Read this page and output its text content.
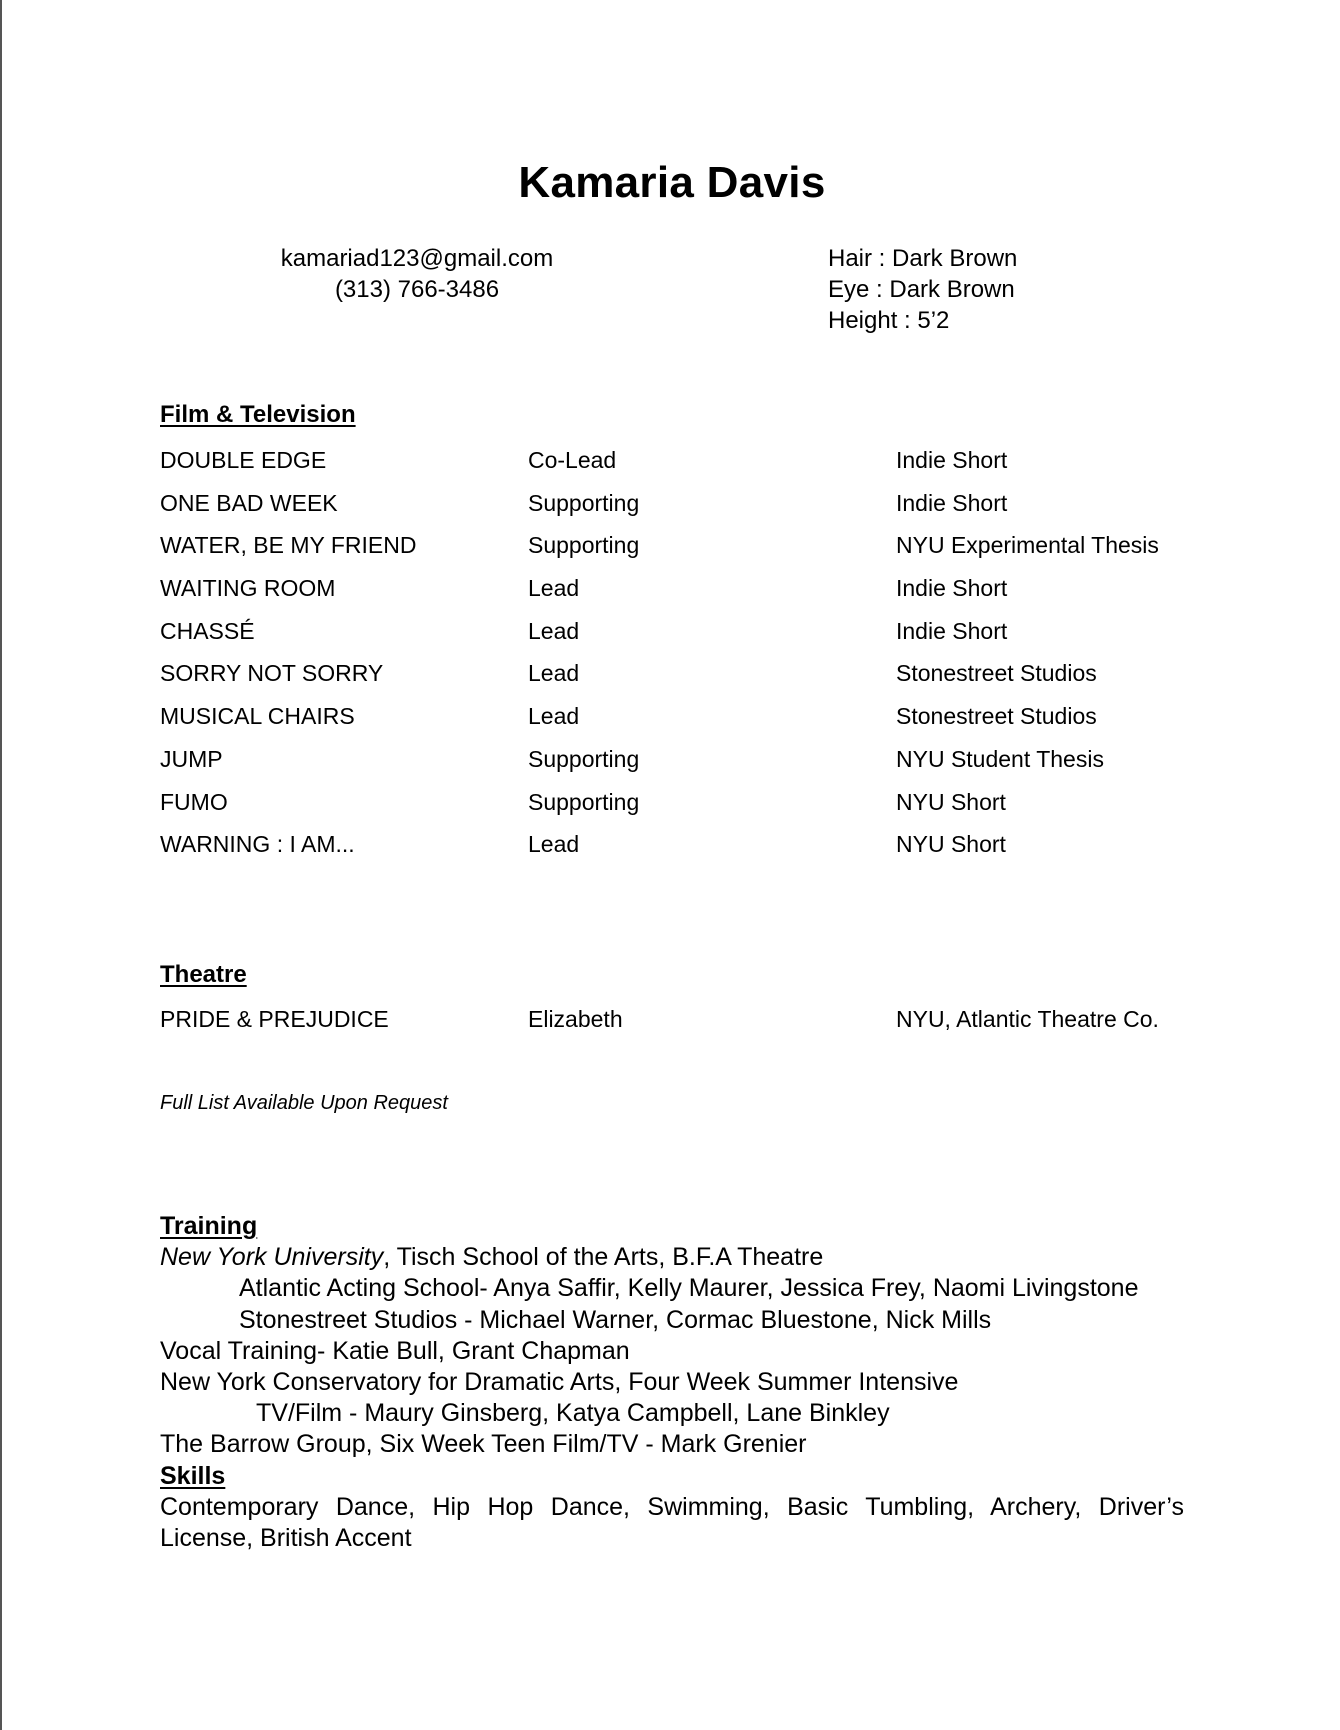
Kamaria Davis
kamariad123@gmail.com
(313) 766-3486
Hair : Dark Brown
Eye : Dark Brown
Height : 5’2
Film & Television
DOUBLE EDGE	Co-Lead	Indie Short
ONE BAD WEEK	Supporting	Indie Short
WATER, BE MY FRIEND	Supporting	NYU Experimental Thesis
WAITING ROOM	Lead	Indie Short
CHASSÉ	Lead	Indie Short
SORRY NOT SORRY	Lead	Stonestreet Studios
MUSICAL CHAIRS	Lead	Stonestreet Studios
JUMP	Supporting	NYU Student Thesis
FUMO	Supporting	NYU Short
WARNING : I AM...	Lead	NYU Short
Theatre
PRIDE & PREJUDICE	Elizabeth	NYU, Atlantic Theatre Co.
Full List Available Upon Request
Training
New York University, Tisch School of the Arts, B.F.A Theatre
Atlantic Acting School- Anya Saffir, Kelly Maurer, Jessica Frey, Naomi Livingstone
Stonestreet Studios - Michael Warner, Cormac Bluestone, Nick Mills
Vocal Training- Katie Bull, Grant Chapman
New York Conservatory for Dramatic Arts, Four Week Summer Intensive
TV/Film - Maury Ginsberg, Katya Campbell, Lane Binkley
The Barrow Group, Six Week Teen Film/TV - Mark Grenier
Skills
Contemporary Dance, Hip Hop Dance, Swimming, Basic Tumbling, Archery, Driver’s License, British Accent
